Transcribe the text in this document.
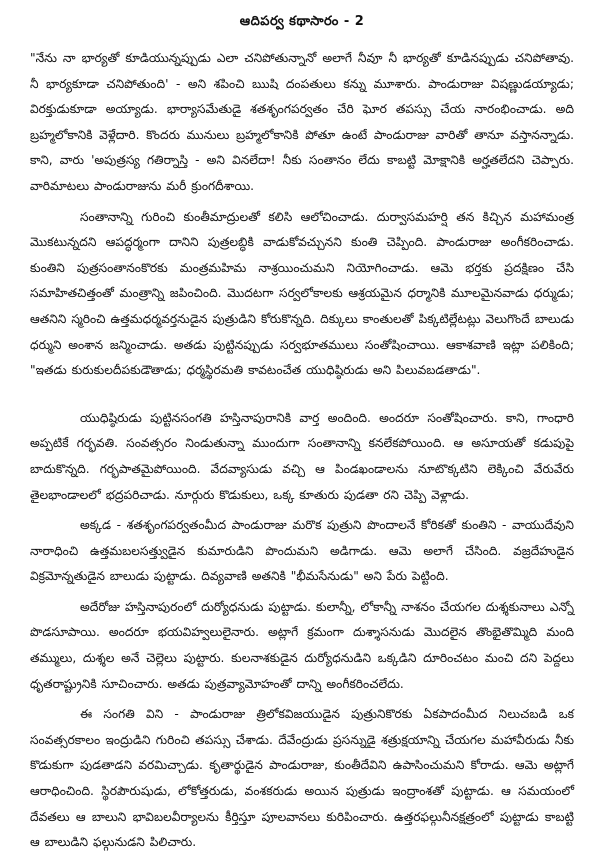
ఆదిపర్వ కథాసారం - 2

"నేను నా భార్యతో కూడియున్నప్పుడు ఎలా చనిపోతున్నానో అలాగే నీవూ నీ భార్యతో కూడినప్పుడు చనిపోతావు. నీ భార్యకూడా చనిపోతుంది' - అని శపించి ఋషి దంపతులు కన్ను మూశారు. పాండురాజు విషణ్ణుడయ్యాడు; విరక్తుడుకూడా అయ్యాడు. భార్యాసమేతుడై శతశృంగపర్వతం చేరి ఘోర తపస్సు చేయ నారంభించాడు. అది బ్రహ్మలోకానికి వెళ్లేదారి. కొందరు మునులు బ్రహ్మలోకానికి పోతూ ఉంటే పాండురాజు వారితో తానూ వస్తానన్నాడు. కాని, వారు 'అపుత్రస్య గతిర్నాస్తి - అని వినలేదా! నీకు సంతానం లేదు కాబట్టి మోక్షానికి అర్హతలేదని చెప్పారు. వారిమాటలు పాండురాజును మరీ క్రుంగదీశాయి.

సంతానాన్ని గురించి కుంతీమాద్రులతో కలిసి ఆలోచించాడు. దుర్వాసమహర్షి తన కిచ్చిన మహామంత్ర మొకటున్నదని ఆపద్ధర్మంగా దానిని పుత్రలబ్ధికి వాడుకోవచ్చునని కుంతి చెప్పింది. పాండురాజు అంగీకరించాడు. కుంతిని పుత్రసంతానంకొరకు మంత్రమహిమ నాశ్రయించుమని నియోగించాడు. ఆమె భర్తకు ప్రదక్షిణం చేసి సమాహితచిత్తంతో మంత్రాన్ని జపించింది. మొదటగా సర్వలోకాలకు ఆశ్రయమైన ధర్మానికి మూలమైనవాడు ధర్ముడు; ఆతనిని స్మరించి ఉత్తమధర్మవర్తనుడైన పుత్రుడిని కోరుకొన్నది. దిక్కులు కాంతులతో పిక్కటిల్లేటట్లు వెలుగొందే బాలుడు ధర్ముని అంశాన జన్మించాడు. అతడు పుట్టినప్పుడు సర్వభూతములు సంతోషించాయి. ఆకాశవాణి ఇట్లా పలికింది; "ఇతడు కురుకులదీపకుడౌతాడు; ధర్మస్థిరమతి కావటంచేత యుధిష్ఠిరుడు అని పిలువబడతాడు".

యుధిష్ఠిరుడు పుట్టినసంగతి హస్తినాపురానికి వార్త అందింది. అందరూ సంతోషించారు. కాని, గాంధారి అప్పటికే గర్భవతి. సంవత్సరం నిండుతున్నా ముందుగా సంతానాన్ని కనలేకపోయింది. ఆ అసూయతో కడుపుపై బాదుకొన్నది. గర్భపాతమైపోయింది. వేదవ్యాసుడు వచ్చి ఆ పిండఖండాలను నూటొక్కటిని లెక్కించి వేరువేరు తైలభాండాలలో భద్రపరిచాడు. నూర్గురు కొడుకులు, ఒక్క కూతురు పుడతా రని చెప్పి వెళ్లాడు.

అక్కడ - శతశృంగపర్వతంమీద పాండురాజు మరొక పుత్రుని పొందాలనే కోరికతో కుంతిని - వాయుదేవుని నారాధించి ఉత్తమబలసత్త్వుడైన కుమారుడిని పొందుమని అడిగాడు. ఆమె అలాగే చేసింది. వజ్రదేహుడైన విక్రమోన్నతుడైన బాలుడు పుట్టాడు. దివ్యవాణి అతనికి "భీమసేనుడు" అని పేరు పెట్టింది.

అదేరోజు హస్తినాపురంలో దుర్యోధనుడు పుట్టాడు. కులాన్నీ, లోకాన్నీ నాశనం చేయగల దుశ్శకునాలు ఎన్నో పొడసూపాయి. అందరూ భయవిహ్వలులైనారు. అట్లాగే క్రమంగా దుశ్శాసనుడు మొదలైన తొంభైతొమ్మిది మంది తమ్ములు, దుశ్శల అనే చెల్లెలు పుట్టారు. కులనాశకుడైన దుర్యోధనుడిని ఒక్కడిని దూరించటం మంచి దని పెద్దలు ధృతరాష్ట్రునికి సూచించారు. అతడు పుత్రవ్యామోహంతో దాన్ని అంగీకరించలేదు.

ఈ సంగతి విని - పాండురాజు త్రిలోకవిజయుడైన పుత్రునికొరకు ఏకపాదంమీద నిలుచబడి ఒక సంవత్సరకాలం ఇంద్రుడిని గురించి తపస్సు చేశాడు. దేవేంద్రుడు ప్రసన్నుడై శత్రుక్షయాన్ని చేయగల మహావీరుడు నీకు కొడుకుగా పుడతాడని వరమిచ్చాడు. కృతార్థుడైన పాండురాజు, కుంతీదేవిని ఉపాసించుమని కోరాడు. ఆమె అట్లాగే ఆరాధించింది. స్థిరపౌరుషుడు, లోకోత్తరుడు, వంశకరుడు అయిన పుత్రుడు ఇంద్రాంశతో పుట్టాడు. ఆ సమయంలో దేవతలు ఆ బాలుని భావిబలవీర్యాలను కీర్తిస్తూ పూలవానలు కురిపించారు. ఉత్తరఫల్గునీనక్షత్రంలో పుట్టాడు కాబట్టి ఆ బాలుడిని ఫల్గునుడని పిలిచారు.
